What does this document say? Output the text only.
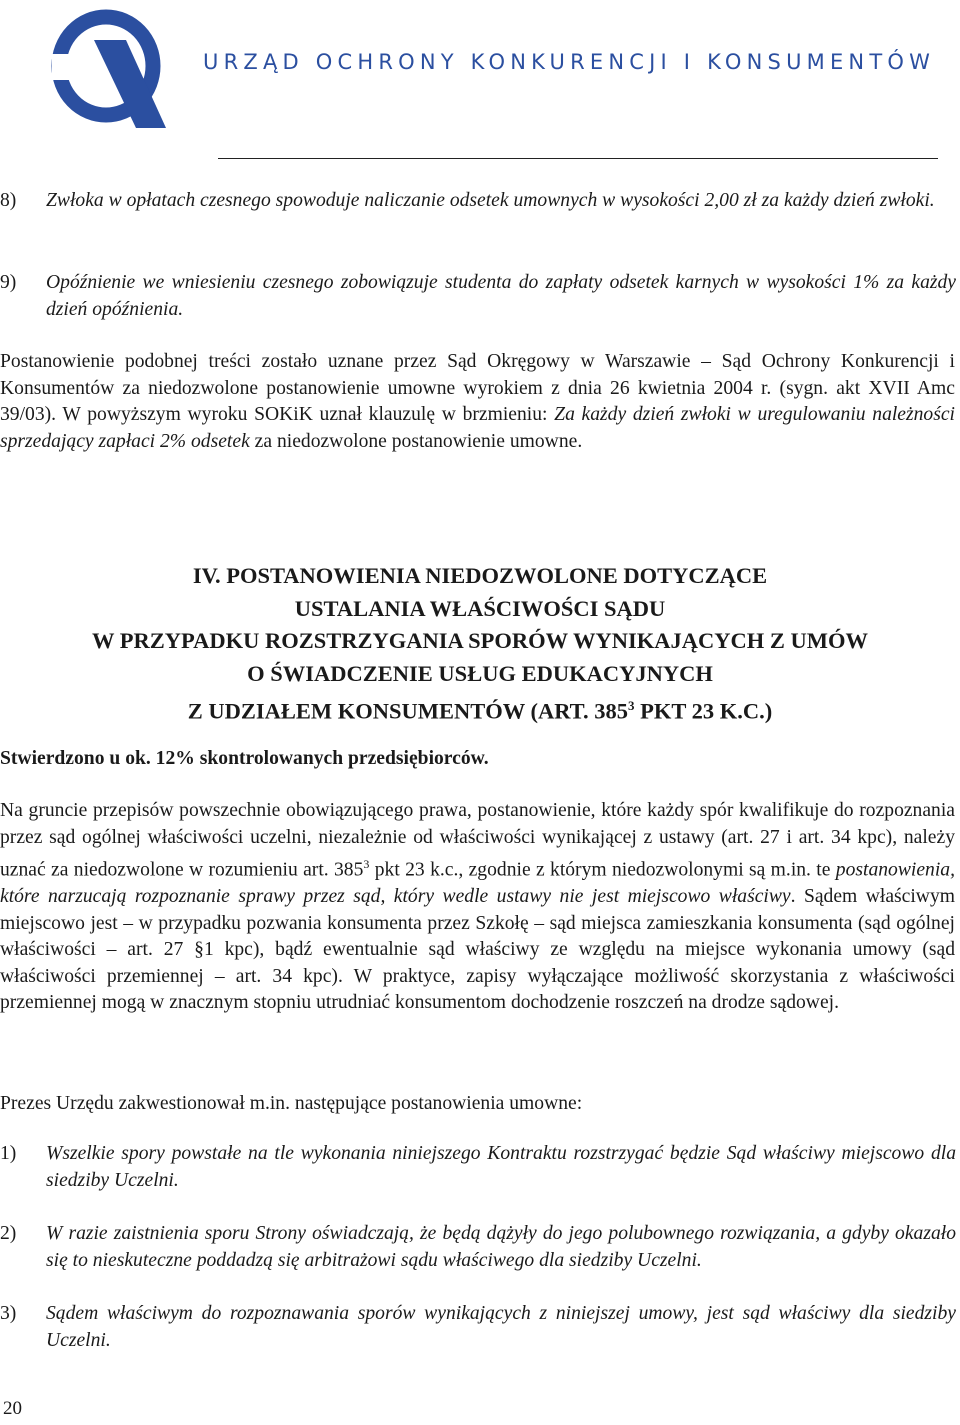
URZĄD OCHRONY KONKURENCJI I KONSUMENTÓW
8) Zwłoka w opłatach czesnego spowoduje naliczanie odsetek umownych w wysokości 2,00 zł za każdy dzień zwłoki.
9) Opóźnienie we wniesieniu czesnego zobowiązuje studenta do zapłaty odsetek karnych w wysokości 1% za każdy dzień opóźnienia.

Postanowienie podobnej treści zostało uznane przez Sąd Okręgowy w Warszawie – Sąd Ochrony Konkurencji i Konsumentów za niedozwolone postanowienie umowne wyrokiem z dnia 26 kwietnia 2004 r. (sygn. akt XVII Amc 39/03). W powyższym wyroku SOKiK uznał klauzulę w brzmieniu: Za każdy dzień zwłoki w uregulowaniu należności sprzedający zapłaci 2% odsetek za niedozwolone postanowienie umowne.

IV. POSTANOWIENIA NIEDOZWOLONE DOTYCZĄCE
USTALANIA WŁAŚCIWOŚCI SĄDU
W PRZYPADKU ROZSTRZYGANIA SPORÓW WYNIKAJĄCYCH Z UMÓW
O ŚWIADCZENIE USŁUG EDUKACYJNYCH
Z UDZIAŁEM KONSUMENTÓW (ART. $385^3$ PKT 23 K.C.)
Stwierdzono u ok. 12% skontrolowanych przedsiębiorców.

Na gruncie przepisów powszechnie obowiązującego prawa, postanowienie, które każdy spór kwalifikuje do rozpoznania przez sąd ogólnej właściwości uczelni, niezależnie od właściwości wynikającej z ustawy (art. 27 i art. 34 kpc), należy uznać za niedozwolone w rozumieniu art. $385^3$ pkt 23 k.c., zgodnie z którym niedozwolonymi są m.in. te postanowienia, które narzucają rozpoznanie sprawy przez sąd, który wedle ustawy nie jest miejscowo właściwy. Sądem właściwym miejscowo jest – w przypadku pozwania konsumenta przez Szkołę – sąd miejsca zamieszkania konsumenta (sąd ogólnej właściwości – art. 27 §1 kpc), bądź ewentualnie sąd właściwy ze względu na miejsce wykonania umowy (sąd właściwości przemiennej – art. 34 kpc). W praktyce, zapisy wyłączające możliwość skorzystania z właściwości przemiennej mogą w znacznym stopniu utrudniać konsumentom dochodzenie roszczeń na drodze sądowej.

Prezes Urzędu zakwestionował m.in. następujące postanowienia umowne:

1) Wszelkie spory powstałe na tle wykonania niniejszego Kontraktu rozstrzygać będzie Sąd właściwy miejscowo dla siedziby Uczelni.
2) W razie zaistnienia sporu Strony oświadczają, że będą dążyły do jego polubownego rozwiązania, a gdyby okazało się to nieskuteczne poddadzą się arbitrażowi sądu właściwego dla siedziby Uczelni.
3) Sądem właściwym do rozpoznawania sporów wynikających z niniejszej umowy, jest sąd właściwy dla siedziby Uczelni.
20
